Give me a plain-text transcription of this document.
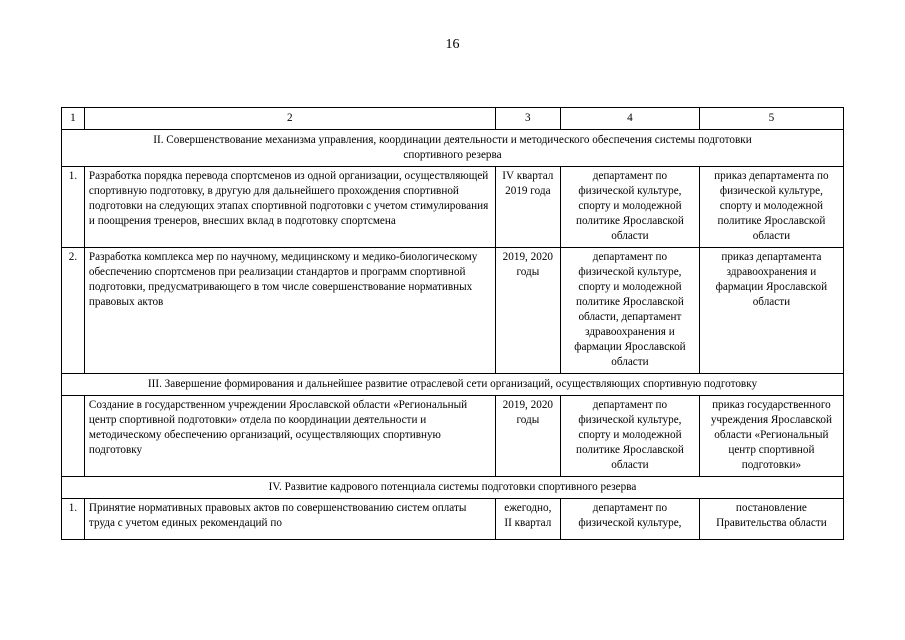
16
1	2	3	4	5
II. Совершенствование механизма управления, координации деятельности и методического обеспечения системы подготовки спортивного резерва				
1.	Разработка порядка перевода спортсменов из одной организации, осуществляющей спортивную подготовку, в другую для дальнейшего прохождения спортивной подготовки на следующих этапах спортивной подготовки с учетом стимулирования и поощрения тренеров, внесших вклад в подготовку спортсмена	IV квартал 2019 года	департамент по физической культуре, спорту и молодежной политике Ярославской области	приказ департамента по физической культуре, спорту и молодежной политике Ярославской области
2.	Разработка комплекса мер по научному, медицинскому и медико-биологическому обеспечению спортсменов при реализации стандартов и программ спортивной подготовки, предусматривающего в том числе совершенствование нормативных правовых актов	2019, 2020 годы	департамент по физической культуре, спорту и молодежной политике Ярославской области, департамент здравоохранения и фармации Ярославской области	приказ департамента здравоохранения и фармации Ярославской области
III. Завершение формирования и дальнейшее развитие отраслевой сети организаций, осуществляющих спортивную подготовку				
	Создание в государственном учреждении Ярославской области «Региональный центр спортивной подготовки» отдела по координации деятельности и методическому обеспечению организаций, осуществляющих спортивную подготовку	2019, 2020 годы	департамент по физической культуре, спорту и молодежной политике Ярославской области	приказ государственного учреждения Ярославской области «Региональный центр спортивной подготовки»
IV. Развитие кадрового потенциала системы подготовки спортивного резерва				
1.	Принятие нормативных правовых актов по совершенствованию систем оплаты труда с учетом единых рекомендаций по	ежегодно, II квартал	департамент по физической культуре,	постановление Правительства области
